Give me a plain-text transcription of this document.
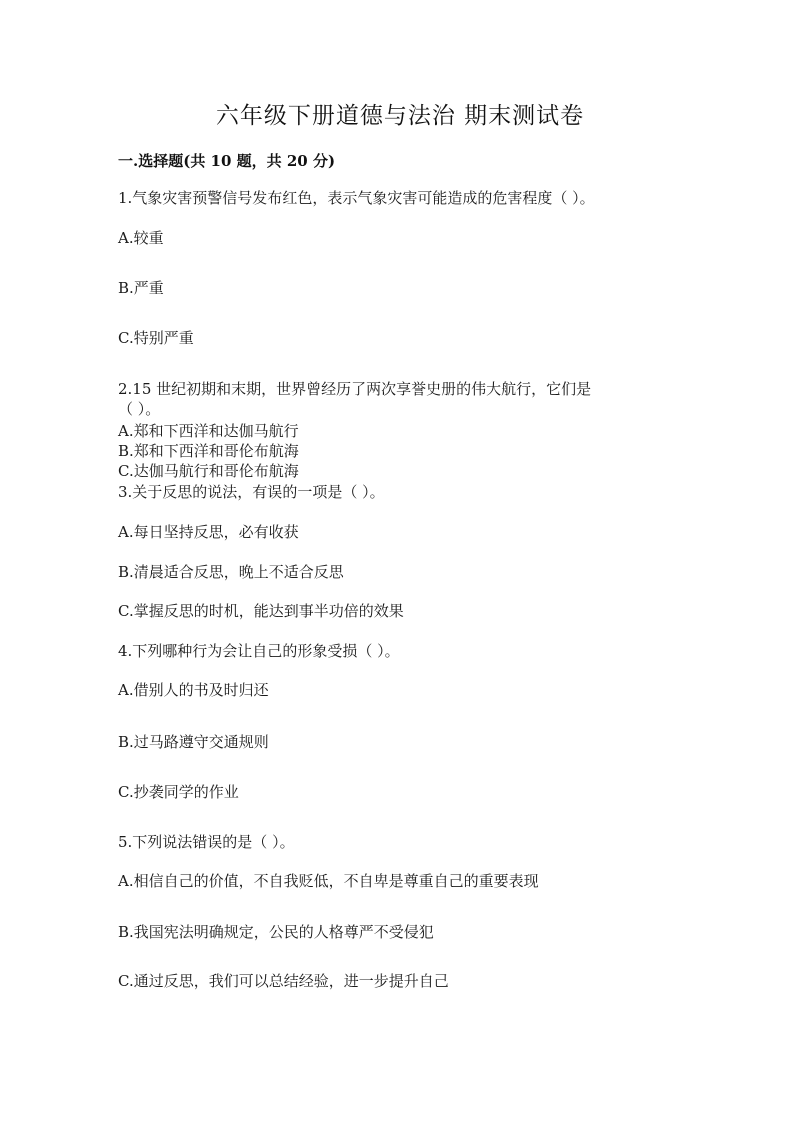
六年级下册道德与法治 期末测试卷
一.选择题(共 10 题，共 20 分)
1.气象灾害预警信号发布红色，表示气象灾害可能造成的危害程度（ ）。
A.较重
B.严重
C.特别严重
2.15 世纪初期和末期，世界曾经历了两次享誉史册的伟大航行，它们是
（ ）。
A.郑和下西洋和达伽马航行
B.郑和下西洋和哥伦布航海
C.达伽马航行和哥伦布航海
3.关于反思的说法，有误的一项是（ ）。
A.每日坚持反思，必有收获
B.清晨适合反思，晚上不适合反思
C.掌握反思的时机，能达到事半功倍的效果
4.下列哪种行为会让自己的形象受损（ ）。
A.借别人的书及时归还
B.过马路遵守交通规则
C.抄袭同学的作业
5.下列说法错误的是（ ）。
A.相信自己的价值，不自我贬低，不自卑是尊重自己的重要表现
B.我国宪法明确规定，公民的人格尊严不受侵犯
C.通过反思，我们可以总结经验，进一步提升自己
